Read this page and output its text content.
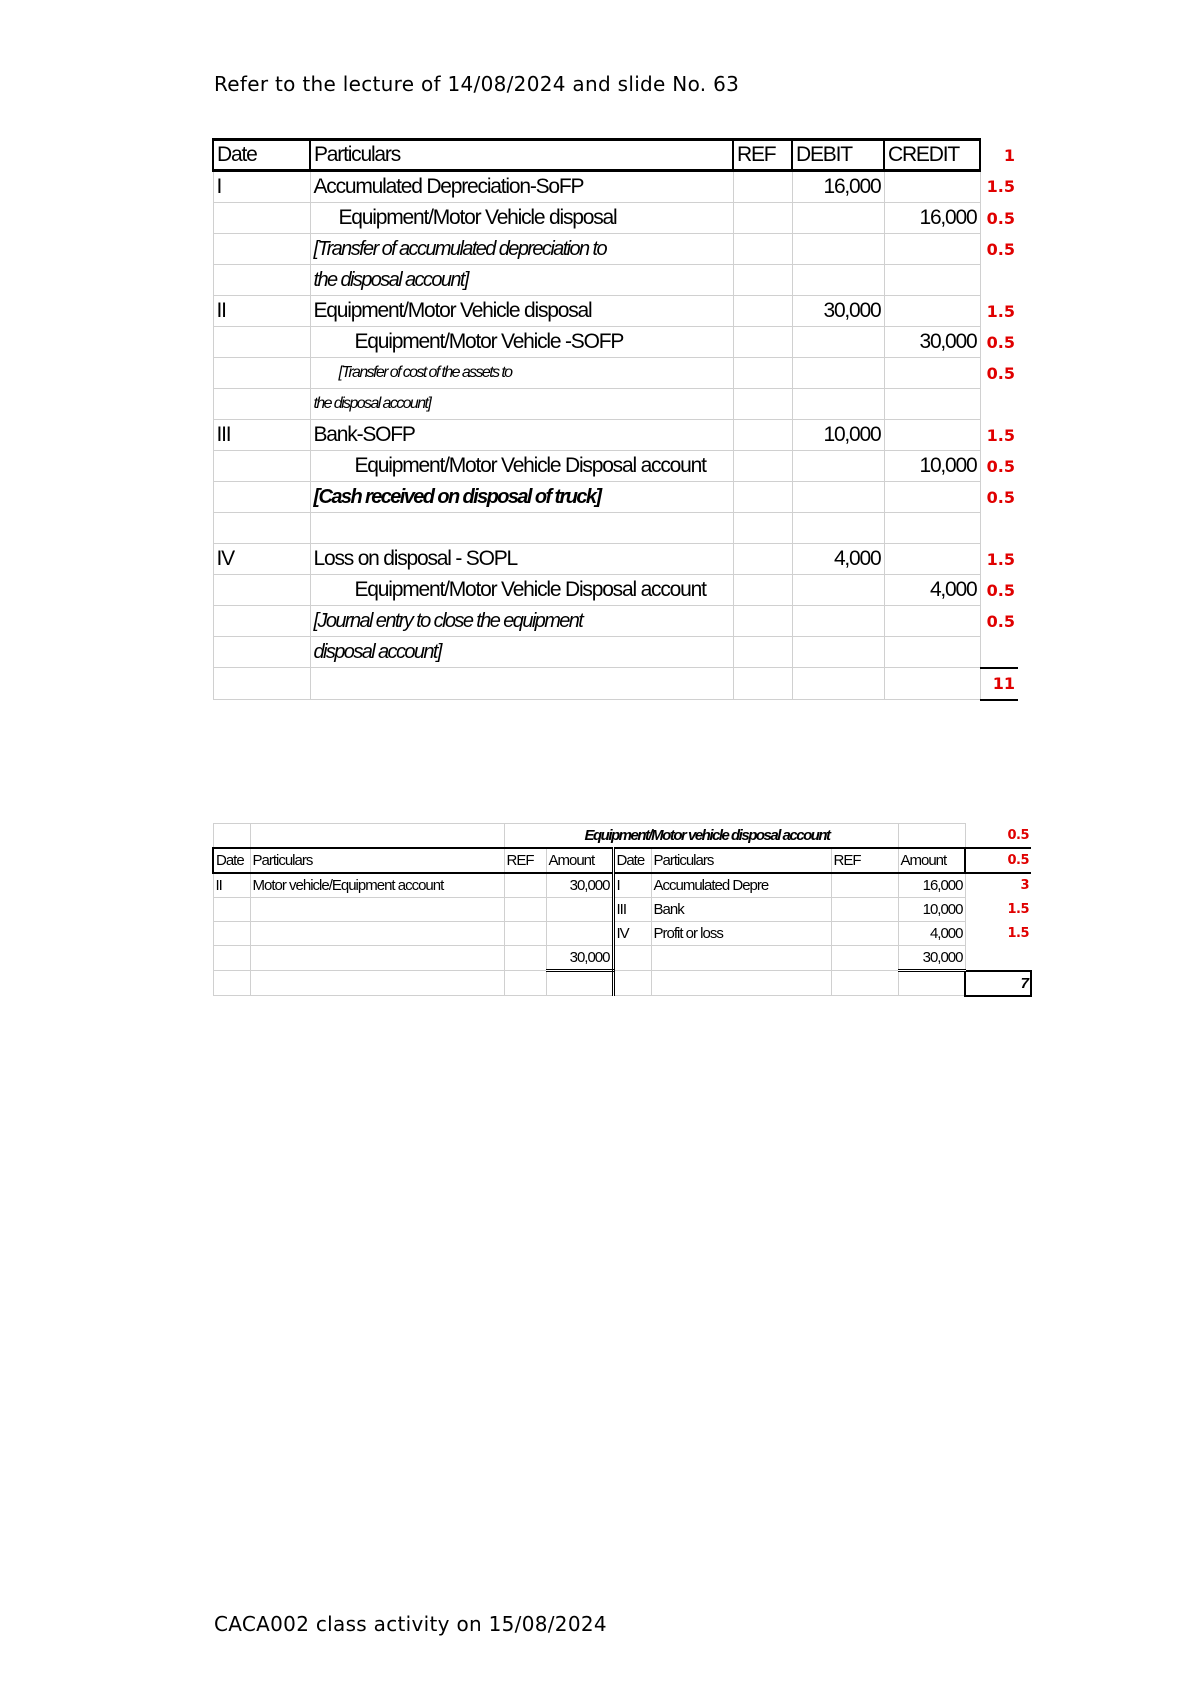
Refer to the lecture of 14/08/2024 and slide No. 63
Date	Particulars	REF	DEBIT	CREDIT	1
I	Accumulated Depreciation-SoFP		16,000		1.5
	Equipment/Motor Vehicle disposal			16,000	0.5
	[Transfer of accumulated depreciation to				0.5
	the disposal account]				
II	Equipment/Motor Vehicle disposal		30,000		1.5
	Equipment/Motor Vehicle -SOFP			30,000	0.5
	[Transfer of cost of the assets to				0.5
	the disposal account]				
III	Bank-SOFP		10,000		1.5
	Equipment/Motor Vehicle Disposal account			10,000	0.5
	[Cash received on disposal of truck]				0.5

IV	Loss on disposal - SOPL		4,000		1.5
	Equipment/Motor Vehicle Disposal account			4,000	0.5
	[Journal entry to close the equipment				0.5
	disposal account]				
					11
		Equipment/Motor vehicle disposal account						0.5
Date	Particulars	REF	Amount	Date	Particulars	REF	Amount	0.5
II	Motor vehicle/Equipment account		30,000	I	Accumulated Depre		16,000	3
				III	Bank		10,000	1.5
				IV	Profit or loss		4,000	1.5
			30,000				30,000	
								7
CACA002 class activity on 15/08/2024
